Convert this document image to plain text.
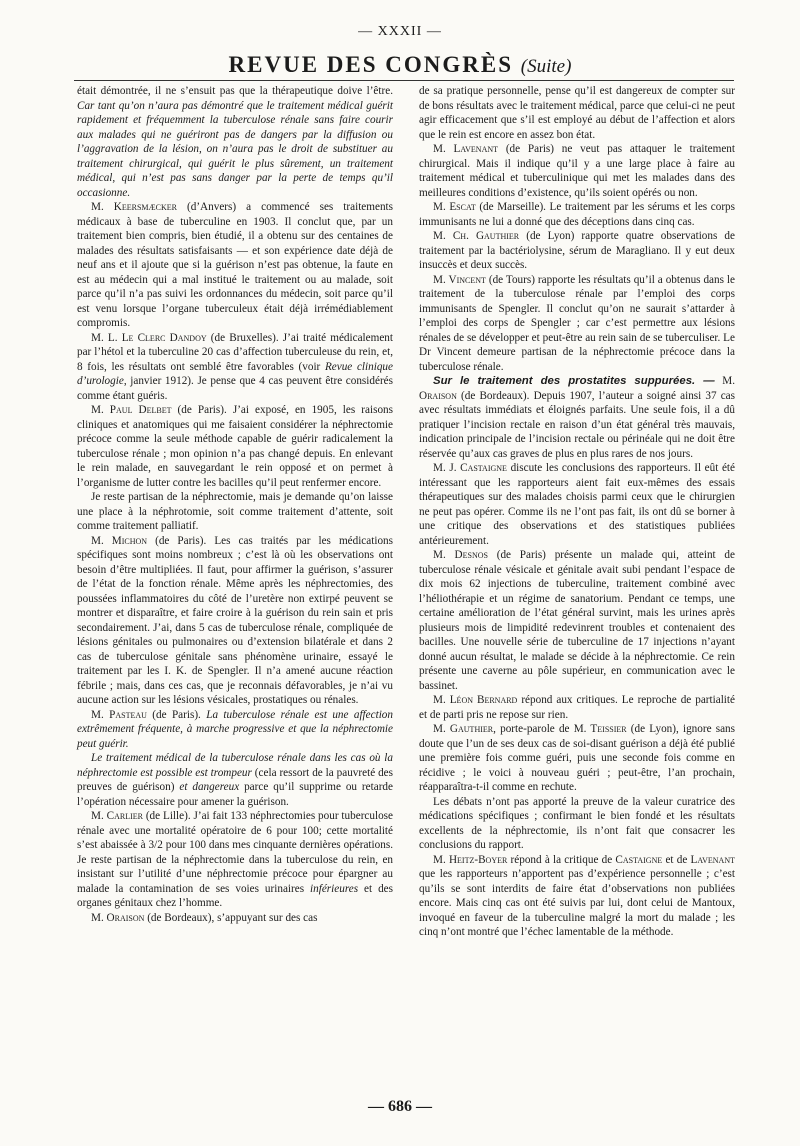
— XXXII —
REVUE DES CONGRÈS (Suite)

était démontrée, il ne s’ensuit pas que la thérapeutique doive l’être. Car tant qu’on n’aura pas démontré que le traitement médical guérit rapidement et fréquemment la tuberculose rénale sans faire courir aux malades qui ne guériront pas de dangers par la diffusion ou l’aggravation de la lésion, on n’aura pas le droit de substituer au traitement chirurgical, qui guérit le plus sûrement, un traitement médical, qui n’est pas sans danger par la perte de temps qu’il occasionne.

M. Keersmæcker (d’Anvers) a commencé ses traitements médicaux à base de tuberculine en 1903. Il conclut que, par un traitement bien compris, bien étudié, il a obtenu sur des centaines de malades des résultats satisfaisants — et son expérience date déjà de neuf ans et il ajoute que si la guérison n’est pas obtenue, la faute en est au médecin qui a mal institué le traitement ou au malade, soit parce qu’il n’a pas suivi les ordonnances du médecin, soit parce qu’il est venu lorsque l’organe tuberculeux était déjà irrémédiablement compromis.

M. L. Le Clerc Dandoy (de Bruxelles). J’ai traité médicalement par l’hétol et la tuberculine 20 cas d’affection tuberculeuse du rein, et, 8 fois, les résultats ont semblé être favorables (voir Revue clinique d’urologie, janvier 1912). Je pense que 4 cas peuvent être considérés comme étant guéris.

M. Paul Delbet (de Paris). J’ai exposé, en 1905, les raisons cliniques et anatomiques qui me faisaient considérer la néphrectomie précoce comme la seule méthode capable de guérir radicalement la tuberculose rénale ; mon opinion n’a pas changé depuis. En enlevant le rein malade, en sauvegardant le rein opposé et on permet à l’organisme de lutter contre les bacilles qu’il peut renfermer encore.

Je reste partisan de la néphrectomie, mais je demande qu’on laisse une place à la néphrotomie, soit comme traitement d’attente, soit comme traitement palliatif.

M. Michon (de Paris). Les cas traités par les médications spécifiques sont moins nombreux ; c’est là où les observations ont besoin d’être multipliées. Il faut, pour affirmer la guérison, s’assurer de l’état de la fonction rénale. Même après les néphrectomies, des poussées inflammatoires du côté de l’uretère non extirpé peuvent se montrer et disparaître, et faire croire à la guérison du rein sain et pris secondairement. J’ai, dans 5 cas de tuberculose rénale, compliquée de lésions génitales ou pulmonaires ou d’extension bilatérale et dans 2 cas de tuberculose génitale sans phénomène urinaire, essayé le traitement par les I. K. de Spengler. Il n’a amené aucune réaction fébrile ; mais, dans ces cas, que je reconnais défavorables, je n’ai vu aucune action sur les lésions vésicales, prostatiques ou rénales.

M. Pasteau (de Paris). La tuberculose rénale est une affection extrêmement fréquente, à marche progressive et que la néphrectomie peut guérir.

Le traitement médical de la tuberculose rénale dans les cas où la néphrectomie est possible est trompeur (cela ressort de la pauvreté des preuves de guérison) et dangereux parce qu’il supprime ou retarde l’opération nécessaire pour amener la guérison.

M. Carlier (de Lille). J’ai fait 133 néphrectomies pour tuberculose rénale avec une mortalité opératoire de 6 pour 100; cette mortalité s’est abaissée à 3/2 pour 100 dans mes cinquante dernières opérations. Je reste partisan de la néphrectomie dans la tuberculose du rein, en insistant sur l’utilité d’une néphrectomie précoce pour épargner au malade la contamination de ses voies urinaires inférieures et des organes génitaux chez l’homme.

M. Oraison (de Bordeaux), s’appuyant sur des cas

de sa pratique personnelle, pense qu’il est dangereux de compter sur de bons résultats avec le traitement médical, parce que celui-ci ne peut agir efficacement que s’il est employé au début de l’affection et alors que le rein est encore en assez bon état.

M. Lavenant (de Paris) ne veut pas attaquer le traitement chirurgical. Mais il indique qu’il y a une large place à faire au traitement médical et tuberculinique qui met les malades dans des meilleures conditions d’existence, qu’ils soient opérés ou non.

M. Escat (de Marseille). Le traitement par les sérums et les corps immunisants ne lui a donné que des déceptions dans cinq cas.

M. Ch. Gauthier (de Lyon) rapporte quatre observations de traitement par la bactériolysine, sérum de Maragliano. Il y eut deux insuccès et deux succès.

M. Vincent (de Tours) rapporte les résultats qu’il a obtenus dans le traitement de la tuberculose rénale par l’emploi des corps immunisants de Spengler. Il conclut qu’on ne saurait s’attarder à l’emploi des corps de Spengler ; car c’est permettre aux lésions rénales de se développer et peut-être au rein sain de se tuberculiser. Le Dr Vincent demeure partisan de la néphrectomie précoce dans la tuberculose rénale.

Sur le traitement des prostatites suppurées. — M. Oraison (de Bordeaux). Depuis 1907, l’auteur a soigné ainsi 37 cas avec résultats immédiats et éloignés parfaits. Une seule fois, il a dû pratiquer l’incision rectale en raison d’un état général très mauvais, indication principale de l’incision rectale ou périnéale qui ne doit être réservée qu’aux cas graves de plus en plus rares de nos jours.

M. J. Castaigne discute les conclusions des rapporteurs. Il eût été intéressant que les rapporteurs aient fait eux-mêmes des essais thérapeutiques sur des malades choisis parmi ceux que le chirurgien ne peut pas opérer. Comme ils ne l’ont pas fait, ils ont dû se borner à une critique des observations et des statistiques publiées antérieurement.

M. Desnos (de Paris) présente un malade qui, atteint de tuberculose rénale vésicale et génitale avait subi pendant l’espace de dix mois 62 injections de tuberculine, traitement combiné avec l’héliothérapie et un régime de sanatorium. Pendant ce temps, une certaine amélioration de l’état général survint, mais les urines après plusieurs mois de limpidité redevinrent troubles et contenaient des bacilles. Une nouvelle série de tuberculine de 17 injections n’ayant donné aucun résultat, le malade se décide à la néphrectomie. Ce rein présente une caverne au pôle supérieur, en communication avec le bassinet.

M. Léon Bernard répond aux critiques. Le reproche de partialité et de parti pris ne repose sur rien.

M. Gauthier, porte-parole de M. Teissier (de Lyon), ignore sans doute que l’un de ses deux cas de soi-disant guérison a déjà été publié une première fois comme guéri, puis une seconde fois comme en récidive ; le voici à nouveau guéri ; peut-être, l’an prochain, réapparaîtra-t-il comme en rechute.

Les débats n’ont pas apporté la preuve de la valeur curatrice des médications spécifiques ; confirmant le bien fondé et les résultats excellents de la néphrectomie, ils n’ont fait que consacrer les conclusions du rapport.

M. Heitz-Boyer répond à la critique de Castaigne et de Lavenant que les rapporteurs n’apportent pas d’expérience personnelle ; c’est qu’ils se sont interdits de faire état d’observations non publiées encore. Mais cinq cas ont été suivis par lui, dont celui de Mantoux, invoqué en faveur de la tuberculine malgré la mort du malade ; les cinq n’ont montré que l’échec lamentable de la méthode.

— 686 —
